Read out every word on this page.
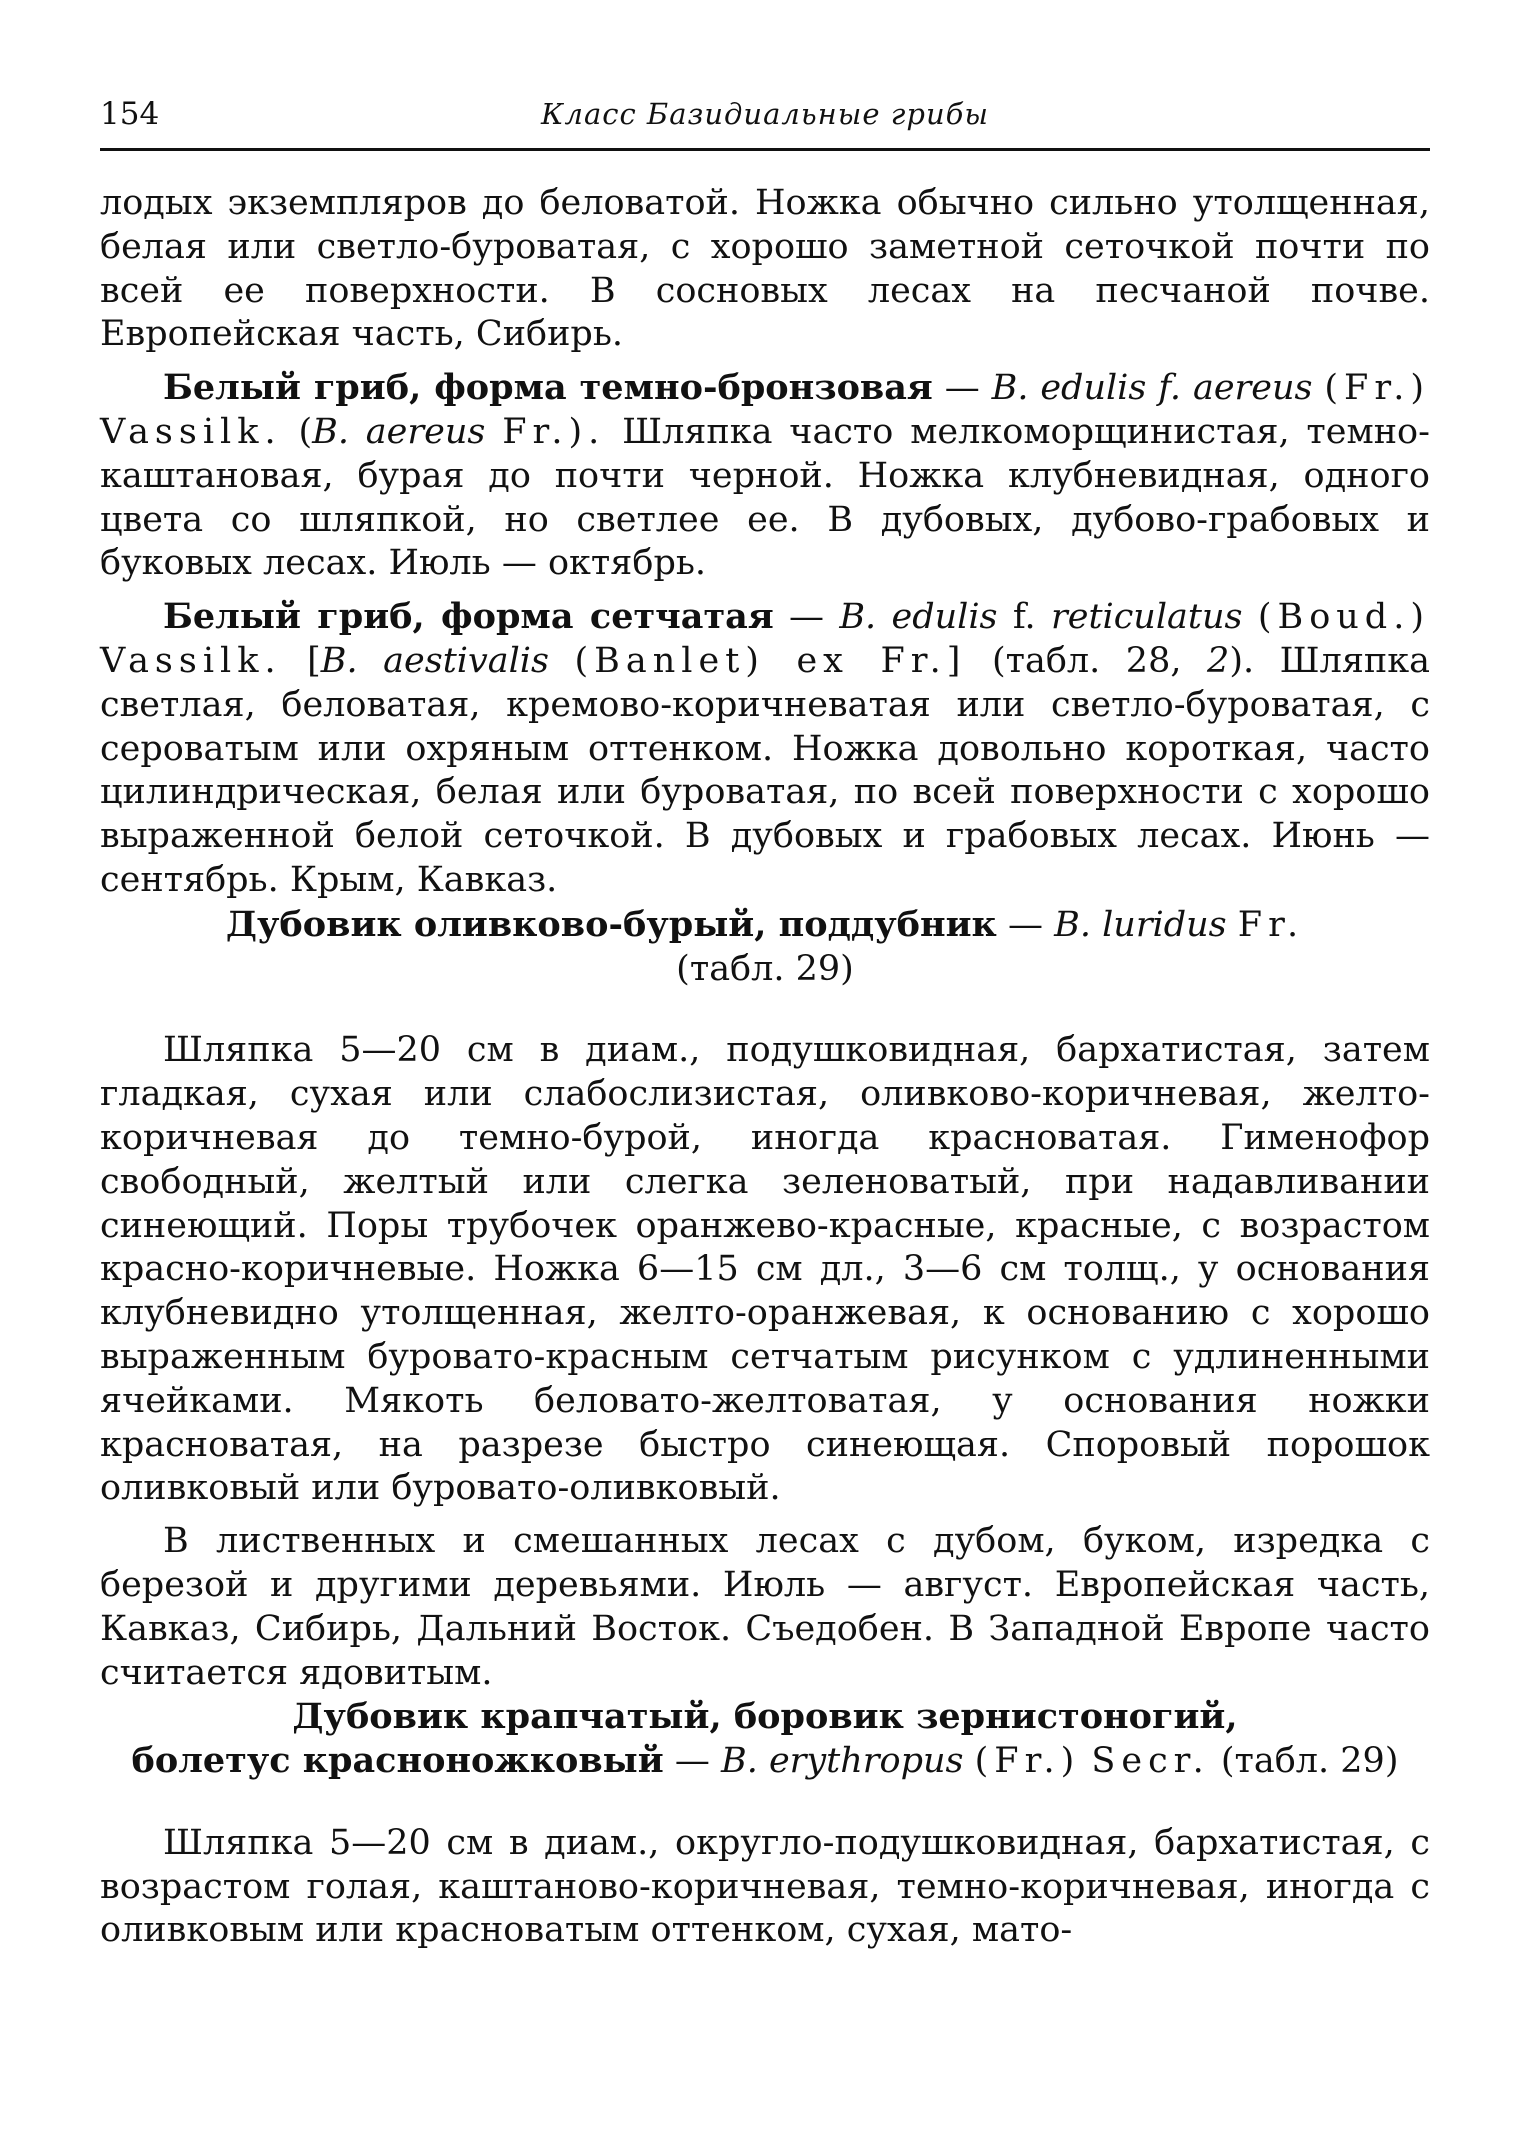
154	Класс Базидиальные грибы

лодых экземпляров до беловатой. Ножка обычно сильно утолщенная, белая или светло-буроватая, с хорошо заметной сеточкой почти по всей ее поверхности. В сосновых лесах на песчаной почве. Европейская часть, Сибирь.

Белый гриб, форма темно-бронзовая — B. edulis f. aereus (Fr.) Vassilk. (B. aereus Fr.). Шляпка часто мелкоморщинистая, темно-каштановая, бурая до почти черной. Ножка клубневидная, одного цвета со шляпкой, но светлее ее. В дубовых, дубово-грабовых и буковых лесах. Июль — октябрь.

Белый гриб, форма сетчатая — B. edulis f. reticulatus (Boud.) Vassilk. [B. aestivalis (Banlet) ex Fr.] (табл. 28, 2). Шляпка светлая, беловатая, кремово-коричневатая или светло-буроватая, с сероватым или охряным оттенком. Ножка довольно короткая, часто цилиндрическая, белая или буроватая, по всей поверхности с хорошо выраженной белой сеточкой. В дубовых и грабовых лесах. Июнь — сентябрь. Крым, Кавказ.

Дубовик оливково-бурый, поддубник — B. luridus Fr.
(табл. 29)

Шляпка 5—20 см в диам., подушковидная, бархатистая, затем гладкая, сухая или слабослизистая, оливково-коричневая, желто-коричневая до темно-бурой, иногда красноватая. Гименофор свободный, желтый или слегка зеленоватый, при надавливании синеющий. Поры трубочек оранжево-красные, красные, с возрастом красно-коричневые. Ножка 6—15 см дл., 3—6 см толщ., у основания клубневидно утолщенная, желто-оранжевая, к основанию с хорошо выраженным буровато-красным сетчатым рисунком с удлиненными ячейками. Мякоть беловато-желтоватая, у основания ножки красноватая, на разрезе быстро синеющая. Споровый порошок оливковый или буровато-оливковый.

В лиственных и смешанных лесах с дубом, буком, изредка с березой и другими деревьями. Июль — август. Европейская часть, Кавказ, Сибирь, Дальний Восток. Съедобен. В Западной Европе часто считается ядовитым.

Дубовик крапчатый, боровик зернистоногий,
болетус красноножковый — B. erythropus (Fr.) Secr. (табл. 29)

Шляпка 5—20 см в диам., округло-подушковидная, бархатистая, с возрастом голая, каштаново-коричневая, темно-коричневая, иногда с оливковым или красноватым оттенком, сухая, мато-
